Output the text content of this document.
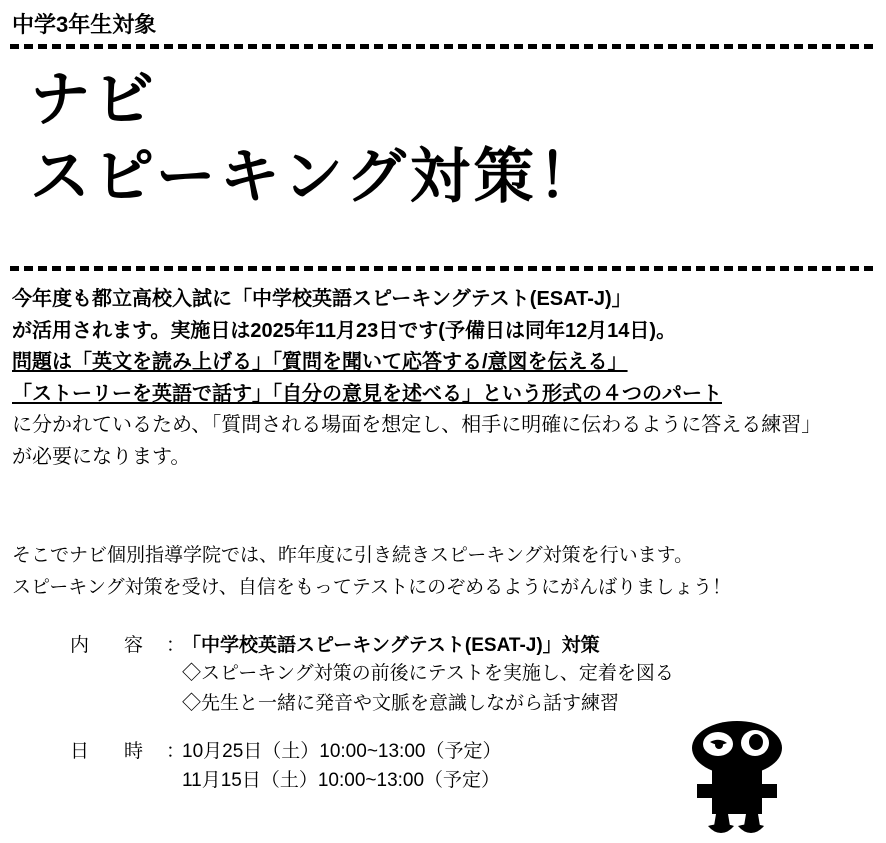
中学3年生対象
ナビ
スピーキング対策！
今年度も都立高校入試に「中学校英語スピーキングテスト(ESAT-J)」
が活用されます。実施日は2025年11月23日です(予備日は同年12月14日)。
問題は「英文を読み上げる」「質問を聞いて応答する/意図を伝える」
「ストーリーを英語で話す」「自分の意見を述べる」という形式の４つのパート
に分かれているため、「質問される場面を想定し、相手に明確に伝わるように答える練習」
が必要になります。
そこでナビ個別指導学院では、昨年度に引き続きスピーキング対策を行います。
スピーキング対策を受け、自信をもってテストにのぞめるようにがんばりましょう！
内　容 ：
「中学校英語スピーキングテスト(ESAT-J)」対策
◇スピーキング対策の前後にテストを実施し、定着を図る
◇先生と一緒に発音や文脈を意識しながら話す練習
日　時 ：
10月25日（土）10:00~13:00（予定）
11月15日（土）10:00~13:00（予定）
